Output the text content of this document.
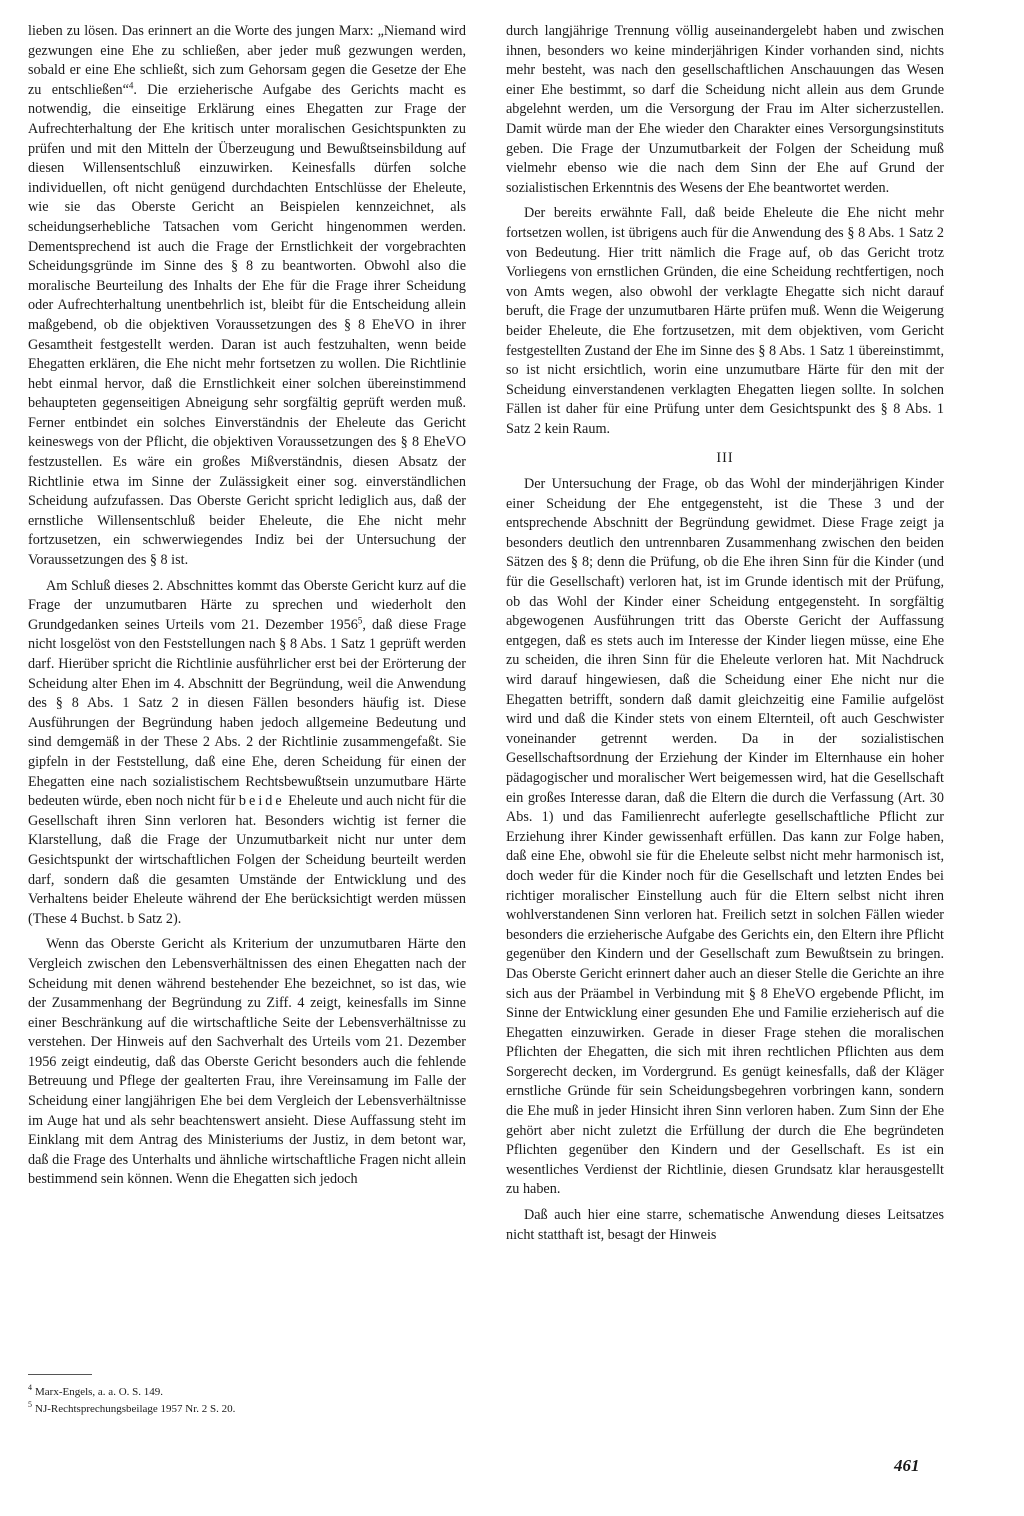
lieben zu lösen. Das erinnert an die Worte des jungen Marx: „Niemand wird gezwungen eine Ehe zu schließen, aber jeder muß gezwungen werden, sobald er eine Ehe schließt, sich zum Gehorsam gegen die Gesetze der Ehe zu entschließen“$^4$. Die erzieherische Aufgabe des Gerichts macht es notwendig, die einseitige Erklärung eines Ehegatten zur Frage der Aufrechterhaltung der Ehe kritisch unter moralischen Gesichtspunkten zu prüfen und mit den Mitteln der Überzeugung und Bewußtseinsbildung auf diesen Willensentschluß einzuwirken. Keinesfalls dürfen solche individuellen, oft nicht genügend durchdachten Entschlüsse der Eheleute, wie sie das Oberste Gericht an Beispielen kennzeichnet, als scheidungserhebliche Tatsachen vom Gericht hingenommen werden. Dementsprechend ist auch die Frage der Ernstlichkeit der vorgebrachten Scheidungsgründe im Sinne des § 8 zu beantworten. Obwohl also die moralische Beurteilung des Inhalts der Ehe für die Frage ihrer Scheidung oder Aufrechterhaltung unentbehrlich ist, bleibt für die Entscheidung allein maßgebend, ob die objektiven Voraussetzungen des § 8 EheVO in ihrer Gesamtheit festgestellt werden. Daran ist auch festzuhalten, wenn beide Ehegatten erklären, die Ehe nicht mehr fortsetzen zu wollen. Die Richtlinie hebt einmal hervor, daß die Ernstlichkeit einer solchen übereinstimmend behaupteten gegenseitigen Abneigung sehr sorgfältig geprüft werden muß. Ferner entbindet ein solches Einverständnis der Eheleute das Gericht keineswegs von der Pflicht, die objektiven Voraussetzungen des § 8 EheVO festzustellen. Es wäre ein großes Mißverständnis, diesen Absatz der Richtlinie etwa im Sinne der Zulässigkeit einer sog. einverständlichen Scheidung aufzufassen. Das Oberste Gericht spricht lediglich aus, daß der ernstliche Willensentschluß beider Eheleute, die Ehe nicht mehr fortzusetzen, ein schwerwiegendes Indiz bei der Untersuchung der Voraussetzungen des § 8 ist.

Am Schluß dieses 2. Abschnittes kommt das Oberste Gericht kurz auf die Frage der unzumutbaren Härte zu sprechen und wiederholt den Grundgedanken seines Urteils vom 21. Dezember 1956$^5$, daß diese Frage nicht losgelöst von den Feststellungen nach § 8 Abs. 1 Satz 1 geprüft werden darf. Hierüber spricht die Richtlinie ausführlicher erst bei der Erörterung der Scheidung alter Ehen im 4. Abschnitt der Begründung, weil die Anwendung des § 8 Abs. 1 Satz 2 in diesen Fällen besonders häufig ist. Diese Ausführungen der Begründung haben jedoch allgemeine Bedeutung und sind demgemäß in der These 2 Abs. 2 der Richtlinie zusammengefaßt. Sie gipfeln in der Feststellung, daß eine Ehe, deren Scheidung für einen der Ehegatten eine nach sozialistischem Rechtsbewußtsein unzumutbare Härte bedeuten würde, eben noch nicht für beide Eheleute und auch nicht für die Gesellschaft ihren Sinn verloren hat. Besonders wichtig ist ferner die Klarstellung, daß die Frage der Unzumutbarkeit nicht nur unter dem Gesichtspunkt der wirtschaftlichen Folgen der Scheidung beurteilt werden darf, sondern daß die gesamten Umstände der Entwicklung und des Verhaltens beider Eheleute während der Ehe berücksichtigt werden müssen (These 4 Buchst. b Satz 2).

Wenn das Oberste Gericht als Kriterium der unzumutbaren Härte den Vergleich zwischen den Lebensverhältnissen des einen Ehegatten nach der Scheidung mit denen während bestehender Ehe bezeichnet, so ist das, wie der Zusammenhang der Begründung zu Ziff. 4 zeigt, keinesfalls im Sinne einer Beschränkung auf die wirtschaftliche Seite der Lebensverhältnisse zu verstehen. Der Hinweis auf den Sachverhalt des Urteils vom 21. Dezember 1956 zeigt eindeutig, daß das Oberste Gericht besonders auch die fehlende Betreuung und Pflege der gealterten Frau, ihre Vereinsamung im Falle der Scheidung einer langjährigen Ehe bei dem Vergleich der Lebensverhältnisse im Auge hat und als sehr beachtenswert ansieht. Diese Auffassung steht im Einklang mit dem Antrag des Ministeriums der Justiz, in dem betont war, daß die Frage des Unterhalts und ähnliche wirtschaftliche Fragen nicht allein bestimmend sein können. Wenn die Ehegatten sich jedoch

durch langjährige Trennung völlig auseinandergelebt haben und zwischen ihnen, besonders wo keine minderjährigen Kinder vorhanden sind, nichts mehr besteht, was nach den gesellschaftlichen Anschauungen das Wesen einer Ehe bestimmt, so darf die Scheidung nicht allein aus dem Grunde abgelehnt werden, um die Versorgung der Frau im Alter sicherzustellen. Damit würde man der Ehe wieder den Charakter eines Versorgungsinstituts geben. Die Frage der Unzumutbarkeit der Folgen der Scheidung muß vielmehr ebenso wie die nach dem Sinn der Ehe auf Grund der sozialistischen Erkenntnis des Wesens der Ehe beantwortet werden.

Der bereits erwähnte Fall, daß beide Eheleute die Ehe nicht mehr fortsetzen wollen, ist übrigens auch für die Anwendung des § 8 Abs. 1 Satz 2 von Bedeutung. Hier tritt nämlich die Frage auf, ob das Gericht trotz Vorliegens von ernstlichen Gründen, die eine Scheidung rechtfertigen, noch von Amts wegen, also obwohl der verklagte Ehegatte sich nicht darauf beruft, die Frage der unzumutbaren Härte prüfen muß. Wenn die Weigerung beider Eheleute, die Ehe fortzusetzen, mit dem objektiven, vom Gericht festgestellten Zustand der Ehe im Sinne des § 8 Abs. 1 Satz 1 übereinstimmt, so ist nicht ersichtlich, worin eine unzumutbare Härte für den mit der Scheidung einverstandenen verklagten Ehegatten liegen sollte. In solchen Fällen ist daher für eine Prüfung unter dem Gesichtspunkt des § 8 Abs. 1 Satz 2 kein Raum.

III

Der Untersuchung der Frage, ob das Wohl der minderjährigen Kinder einer Scheidung der Ehe entgegensteht, ist die These 3 und der entsprechende Abschnitt der Begründung gewidmet. Diese Frage zeigt ja besonders deutlich den untrennbaren Zusammenhang zwischen den beiden Sätzen des § 8; denn die Prüfung, ob die Ehe ihren Sinn für die Kinder (und für die Gesellschaft) verloren hat, ist im Grunde identisch mit der Prüfung, ob das Wohl der Kinder einer Scheidung entgegensteht. In sorgfältig abgewogenen Ausführungen tritt das Oberste Gericht der Auffassung entgegen, daß es stets auch im Interesse der Kinder liegen müsse, eine Ehe zu scheiden, die ihren Sinn für die Eheleute verloren hat. Mit Nachdruck wird darauf hingewiesen, daß die Scheidung einer Ehe nicht nur die Ehegatten betrifft, sondern daß damit gleichzeitig eine Familie aufgelöst wird und daß die Kinder stets von einem Elternteil, oft auch Geschwister voneinander getrennt werden. Da in der sozialistischen Gesellschaftsordnung der Erziehung der Kinder im Elternhause ein hoher pädagogischer und moralischer Wert beigemessen wird, hat die Gesellschaft ein großes Interesse daran, daß die Eltern die durch die Verfassung (Art. 30 Abs. 1) und das Familienrecht auferlegte gesellschaftliche Pflicht zur Erziehung ihrer Kinder gewissenhaft erfüllen. Das kann zur Folge haben, daß eine Ehe, obwohl sie für die Eheleute selbst nicht mehr harmonisch ist, doch weder für die Kinder noch für die Gesellschaft und letzten Endes bei richtiger moralischer Einstellung auch für die Eltern selbst nicht ihren wohlverstandenen Sinn verloren hat. Freilich setzt in solchen Fällen wieder besonders die erzieherische Aufgabe des Gerichts ein, den Eltern ihre Pflicht gegenüber den Kindern und der Gesellschaft zum Bewußtsein zu bringen. Das Oberste Gericht erinnert daher auch an dieser Stelle die Gerichte an ihre sich aus der Präambel in Verbindung mit § 8 EheVO ergebende Pflicht, im Sinne der Entwicklung einer gesunden Ehe und Familie erzieherisch auf die Ehegatten einzuwirken. Gerade in dieser Frage stehen die moralischen Pflichten der Ehegatten, die sich mit ihren rechtlichen Pflichten aus dem Sorgerecht decken, im Vordergrund. Es genügt keinesfalls, daß der Kläger ernstliche Gründe für sein Scheidungsbegehren vorbringen kann, sondern die Ehe muß in jeder Hinsicht ihren Sinn verloren haben. Zum Sinn der Ehe gehört aber nicht zuletzt die Erfüllung der durch die Ehe begründeten Pflichten gegenüber den Kindern und der Gesellschaft. Es ist ein wesentliches Verdienst der Richtlinie, diesen Grundsatz klar herausgestellt zu haben.

Daß auch hier eine starre, schematische Anwendung dieses Leitsatzes nicht statthaft ist, besagt der Hinweis

$^4$ Marx-Engels, a. a. O. S. 149.

$^5$ NJ-Rechtsprechungsbeilage 1957 Nr. 2 S. 20.

461
